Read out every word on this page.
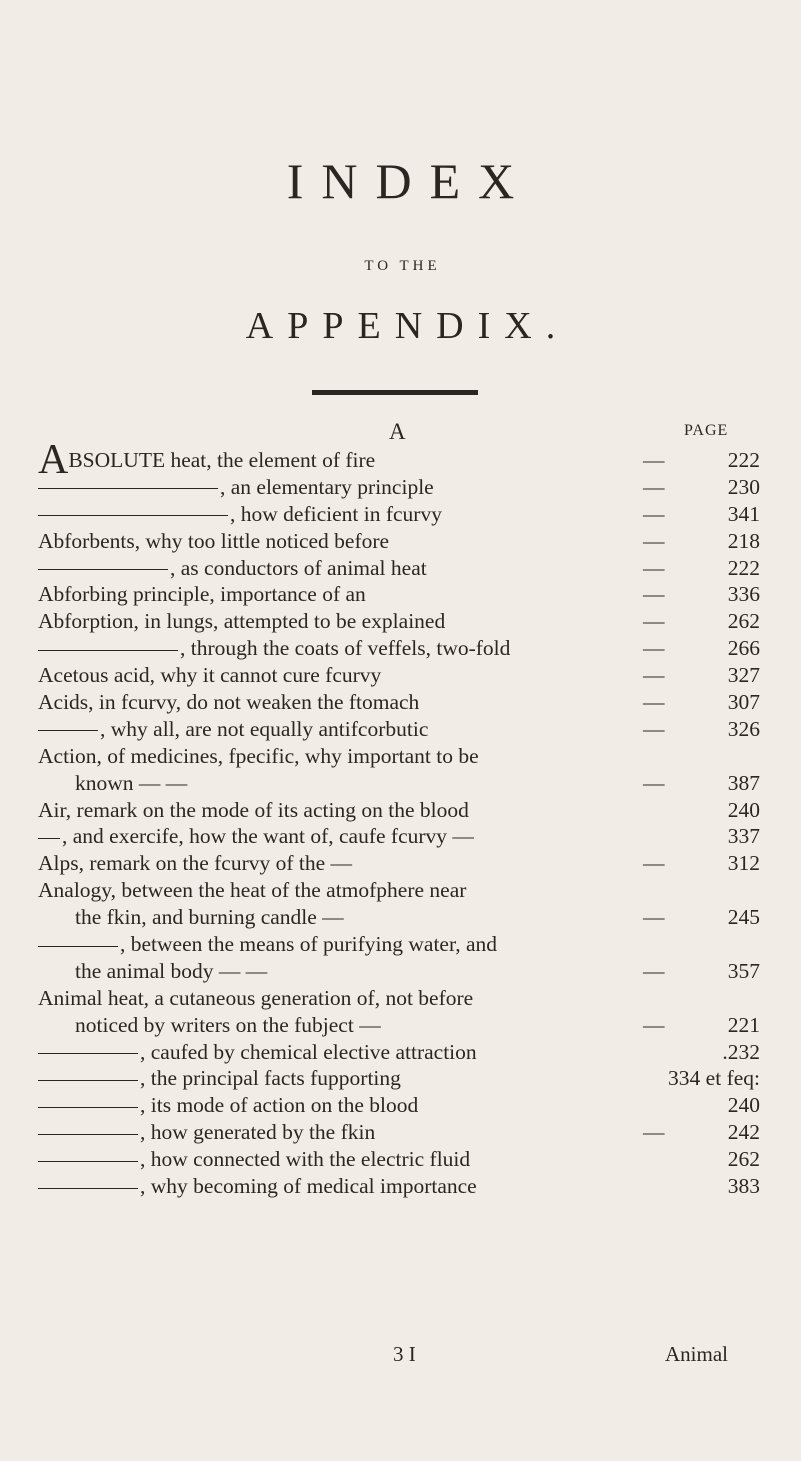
INDEX
TO THE
APPENDIX.
A	PAGE
ABSOLUTE heat, the element of fire	—	222
, an elementary principle	—	230
, how deficient in fcurvy	—	341
Abforbents, why too little noticed before	—	218
, as conductors of animal heat	—	222
Abforbing principle, importance of an	—	336
Abforption, in lungs, attempted to be explained	—	262
, through the coats of veffels, two-fold	—	266
Acetous acid, why it cannot cure fcurvy	—	327
Acids, in fcurvy, do not weaken the ftomach	—	307
, why all, are not equally antifcorbutic	—	326
Action, of medicines, fpecific, why important to be
known — —	—	387
Air, remark on the mode of its acting on the blood	240
, and exercife, how the want of, caufe fcurvy —	337
Alps, remark on the fcurvy of the —	—	312
Analogy, between the heat of the atmofphere near
the fkin, and burning candle —	—	245
, between the means of purifying water, and
the animal body — —	—	357
Animal heat, a cutaneous generation of, not before
noticed by writers on the fubject —	—	221
, caufed by chemical elective attraction	.232
, the principal facts fupporting	334 et feq:
, its mode of action on the blood	240
, how generated by the fkin	—	242
, how connected with the electric fluid	262
, why becoming of medical importance	383
3 I	Animal
